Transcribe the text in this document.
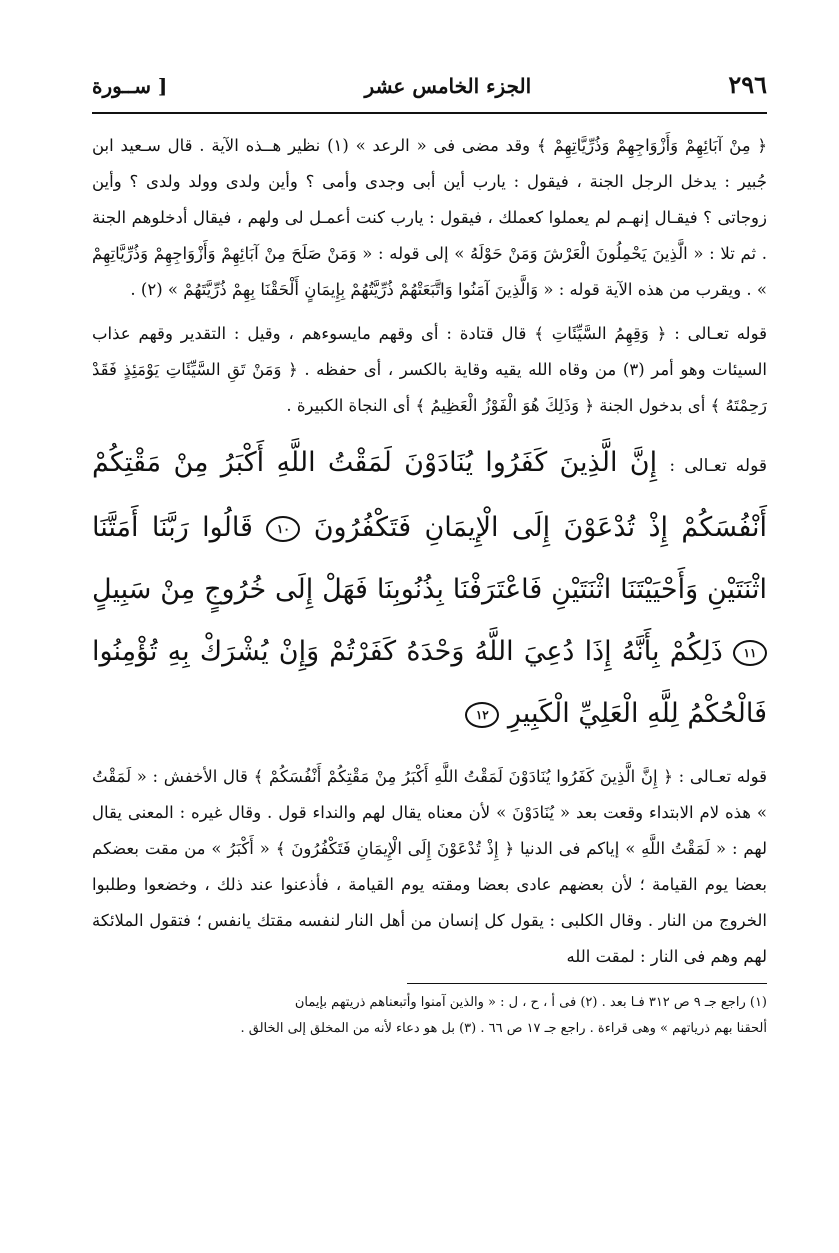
٢٩٦
الجزء الخامس عشر
[ ســورة

﴿ مِنْ آبَائِهِمْ وَأَزْوَاجِهِمْ وَذُرِّيَّاتِهِمْ ﴾ وقد مضى فى « الرعد » (١) نظير هــذه الآية . قال سـعيد ابن جُبير : يدخل الرجل الجنة ، فيقول : يارب أين أبى وجدى وأمى ؟ وأين ولدى وولد ولدى ؟ وأين زوجاتى ؟ فيقـال إنهـم لم يعملوا كعملك ، فيقول : يارب كنت أعمـل لى ولهم ، فيقال أدخلوهم الجنة . ثم تلا : « الَّذِينَ يَحْمِلُونَ الْعَرْشَ وَمَنْ حَوْلَهُ » إلى قوله : « وَمَنْ صَلَحَ مِنْ آبَائِهِمْ وَأَزْوَاجِهِمْ وَذُرِّيَّاتِهِمْ » . ويقرب من هذه الآية قوله : « وَالَّذِينَ آمَنُوا وَاتَّبَعَتْهُمْ ذُرِّيَّتُهُمْ بِإِيمَانٍ أَلْحَقْنَا بِهِمْ ذُرِّيَّتَهُمْ » (٢) .

قوله تعـالى : ﴿ وَقِهِمُ السَّيِّئَاتِ ﴾ قال قتادة : أى وقهم مايسوءهم ، وقيل : التقدير وقهم عذاب السيئات وهو أمر (٣) من وقاه الله يقيه وقاية بالكسر ، أى حفظه . ﴿ وَمَنْ تَقِ السَّيِّئَاتِ يَوْمَئِذٍ فَقَدْ رَحِمْتَهُ ﴾ أى بدخول الجنة ﴿ وَذَلِكَ هُوَ الْفَوْزُ الْعَظِيمُ ﴾ أى النجاة الكبيرة .

قوله تعـالى : إِنَّ الَّذِينَ كَفَرُوا يُنَادَوْنَ لَمَقْتُ اللَّهِ أَكْبَرُ مِنْ مَقْتِكُمْ أَنْفُسَكُمْ إِذْ تُدْعَوْنَ إِلَى الْإِيمَانِ فَتَكْفُرُونَ ١٠ قَالُوا رَبَّنَا أَمَتَّنَا اثْنَتَيْنِ وَأَحْيَيْتَنَا اثْنَتَيْنِ فَاعْتَرَفْنَا بِذُنُوبِنَا فَهَلْ إِلَى خُرُوجٍ مِنْ سَبِيلٍ ١١ ذَلِكُمْ بِأَنَّهُ إِذَا دُعِيَ اللَّهُ وَحْدَهُ كَفَرْتُمْ وَإِنْ يُشْرَكْ بِهِ تُؤْمِنُوا فَالْحُكْمُ لِلَّهِ الْعَلِيِّ الْكَبِيرِ ١٢

قوله تعـالى : ﴿ إِنَّ الَّذِينَ كَفَرُوا يُنَادَوْنَ لَمَقْتُ اللَّهِ أَكْبَرُ مِنْ مَقْتِكُمْ أَنْفُسَكُمْ ﴾ قال الأخفش : « لَمَقْتُ » هذه لام الابتداء وقعت بعد « يُنَادَوْنَ » لأن معناه يقال لهم والنداء قول . وقال غيره : المعنى يقال لهم : « لَمَقْتُ اللَّهِ » إياكم فى الدنيا ﴿ إِذْ تُدْعَوْنَ إِلَى الْإِيمَانِ فَتَكْفُرُونَ ﴾ « أَكْبَرُ » من مقت بعضكم بعضا يوم القيامة ؛ لأن بعضهم عادى بعضا ومقته يوم القيامة ، فأذعنوا عند ذلك ، وخضعوا وطلبوا الخروج من النار . وقال الكلبى : يقول كل إنسان من أهل النار لنفسه مقتك يانفس ؛ فتقول الملائكة لهم وهم فى النار : لمقت الله

(١) راجع جـ ٩ ص ٣١٢ فـا بعد . (٢) فى أ ، ح ، ل : « والذين آمنوا وأتبعناهم ذريتهم بإيمان
ألحقنا بهم ذرياتهم » وهى قراءة . راجع جـ ١٧ ص ٦٦ . (٣) بل هو دعاء لأنه من المخلق إلى الخالق .
